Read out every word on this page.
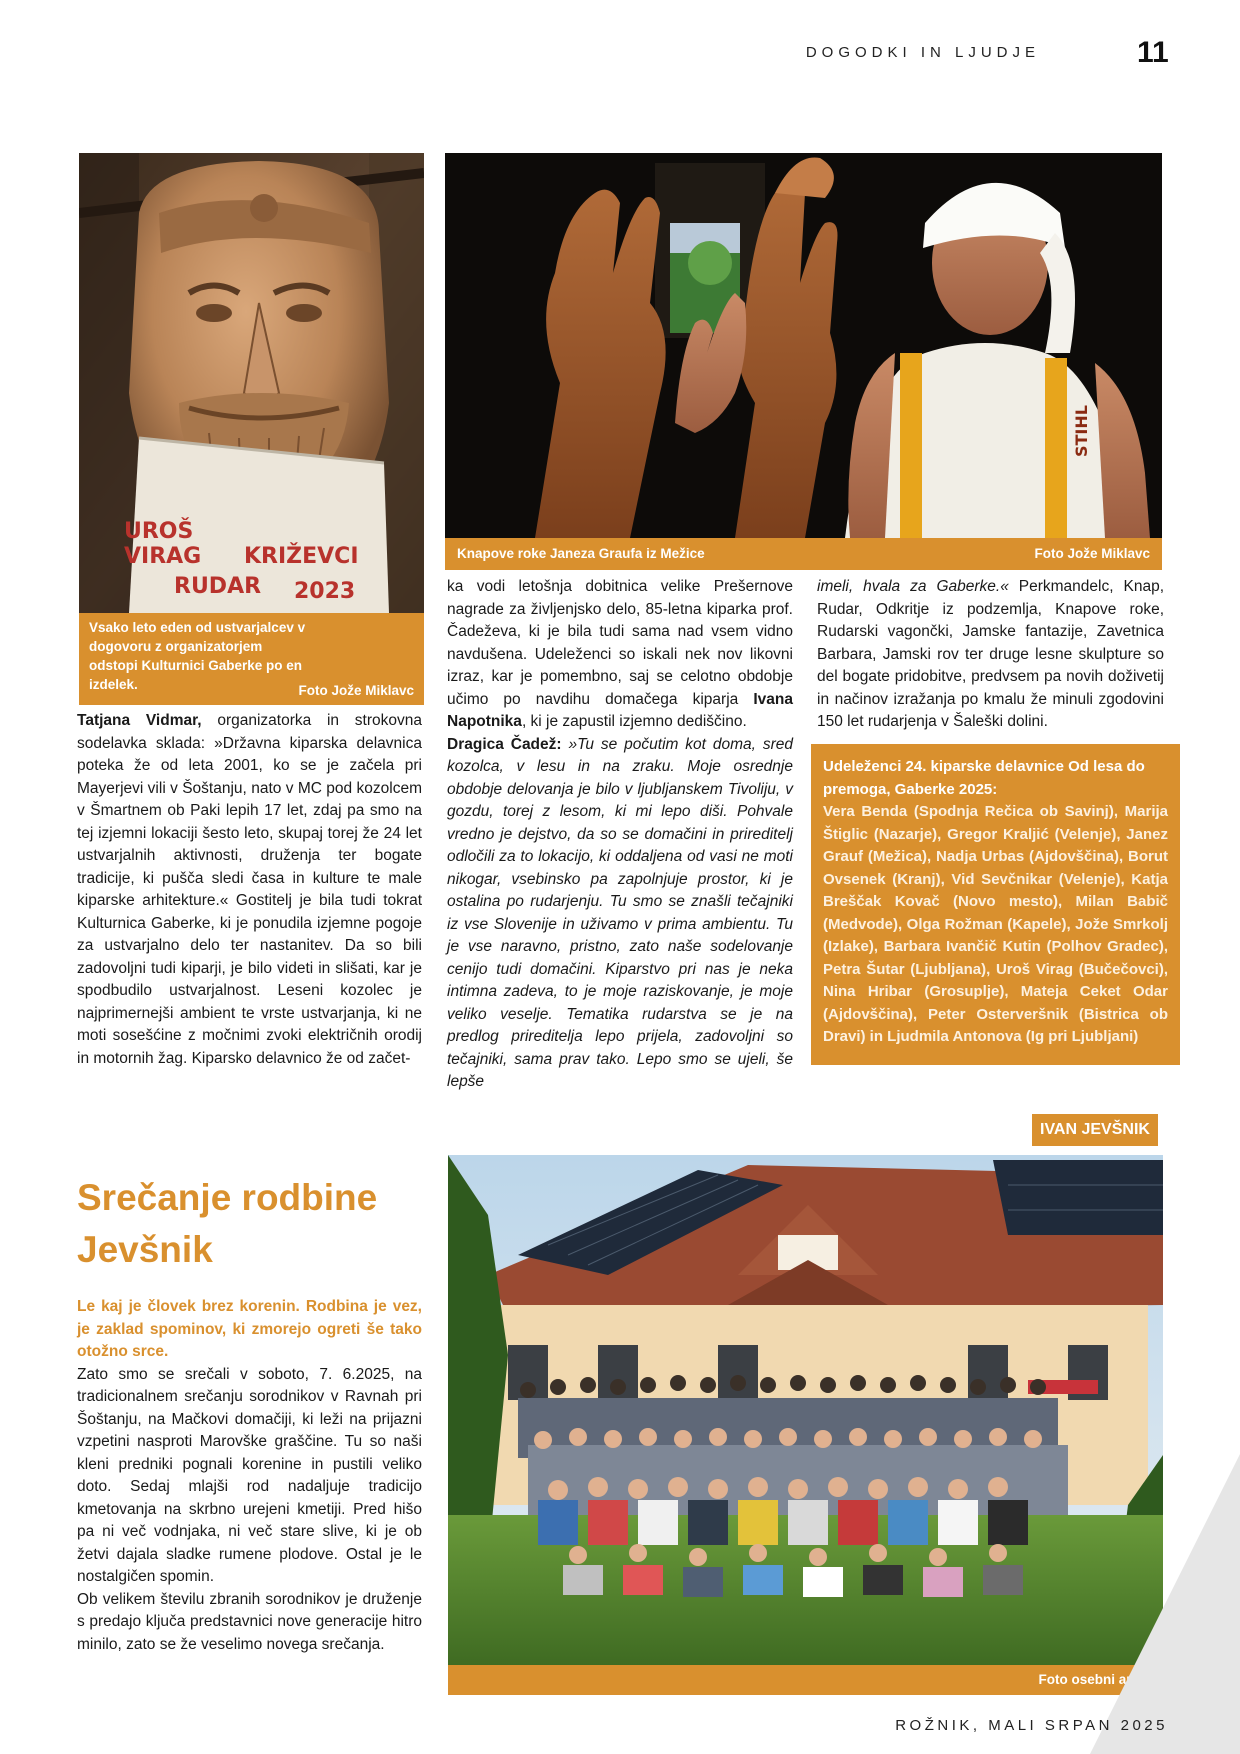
DOGODKI IN LJUDJE	11
UROŠ VIRAG KRIŽEVCI RUDAR 2023
Vsako leto eden od ustvarjalcev v dogovoru z organizatorjem odstopi Kulturnici Gaberke po en izdelek.	Foto Jože Miklavc
STIHL
Knapove roke Janeza Graufa iz Mežice	Foto Jože Miklavc

Tatjana Vidmar, organizatorka in strokovna sodelavka sklada: »Državna kiparska delavnica poteka že od leta 2001, ko se je začela pri Mayerjevi vili v Šoštanju, nato v MC pod kozolcem v Šmartnem ob Paki lepih 17 let, zdaj pa smo na tej izjemni lokaciji šesto leto, skupaj torej že 24 let ustvarjalnih aktivnosti, druženja ter bogate tradicije, ki pušča sledi časa in kulture te male kiparske arhitekture.« Gostitelj je bila tudi tokrat Kulturnica Gaberke, ki je ponudila izjemne pogoje za ustvarjalno delo ter nastanitev. Da so bili zadovoljni tudi kiparji, je bilo videti in slišati, kar je spodbudilo ustvarjalnost. Leseni kozolec je najprimernejši ambient te vrste ustvarjanja, ki ne moti sosešćine z močnimi zvoki električnih orodij in motornih žag. Kiparsko delavnico že od začet-

ka vodi letošnja dobitnica velike Prešernove nagrade za življenjsko delo, 85-letna kiparka prof. Čadeževa, ki je bila tudi sama nad vsem vidno navdušena. Udeleženci so iskali nek nov likovni izraz, kar je pomembno, saj se celotno obdobje učimo po navdihu domačega kiparja Ivana Napotnika, ki je zapustil izjemno dediščino.

Dragica Čadež: »Tu se počutim kot doma, sred kozolca, v lesu in na zraku. Moje osrednje obdobje delovanja je bilo v ljubljanskem Tivoliju, v gozdu, torej z lesom, ki mi lepo diši. Pohvale vredno je dejstvo, da so se domačini in prireditelj odločili za to lokacijo, ki oddaljena od vasi ne moti nikogar, vsebinsko pa zapolnjuje prostor, ki je ostalina po rudarjenju. Tu smo se znašli tečajniki iz vse Slovenije in uživamo v prima ambientu. Tu je vse naravno, pristno, zato naše sodelovanje cenijo tudi domačini. Kiparstvo pri nas je neka intimna zadeva, to je moje raziskovanje, je moje veliko veselje. Tematika rudarstva se je na predlog prireditelja lepo prijela, zadovoljni so tečajniki, sama prav tako. Lepo smo se ujeli, še lepše

imeli, hvala za Gaberke.« Perkmandelc, Knap, Rudar, Odkritje iz podzemlja, Knapove roke, Rudarski vagončki, Jamske fantazije, Zavetnica Barbara, Jamski rov ter druge lesne skulpture so del bogate pridobitve, predvsem pa novih doživetij in načinov izražanja po kmalu že minuli zgodovini 150 let rudarjenja v Šaleški dolini.

Udeleženci 24. kiparske delavnice Od lesa do premoga, Gaberke 2025:
Vera Benda (Spodnja Rečica ob Savinj), Marija Štiglic (Nazarje), Gregor Kraljić (Velenje), Janez Grauf (Mežica), Nadja Urbas (Ajdovščina), Borut Ovsenek (Kranj), Vid Sevčnikar (Velenje), Katja Breščak Kovač (Novo mesto), Milan Babič (Medvode), Olga Rožman (Kapele), Jože Smrkolj (Izlake), Barbara Ivančič Kutin (Polhov Gradec), Petra Šutar (Ljubljana), Uroš Virag (Bučečovci), Nina Hribar (Grosuplje), Mateja Ceket Odar (Ajdovščina), Peter Osterveršnik (Bistrica ob Dravi) in Ljudmila Antonova (Ig pri Ljubljani)
IVAN JEVŠNIK
Srečanje rodbine
Jevšnik

Le kaj je človek brez korenin. Rodbina je vez, je zaklad spominov, ki zmorejo ogreti še tako otožno srce.

Zato smo se srečali v soboto, 7. 6.2025, na tradicionalnem srečanju sorodnikov v Ravnah pri Šoštanju, na Mačkovi domačiji, ki leži na prijazni vzpetini nasproti Marovške graščine. Tu so naši kleni predniki pognali korenine in pustili veliko doto. Sedaj mlajši rod nadaljuje tradicijo kmetovanja na skrbno urejeni kmetiji. Pred hišo pa ni več vodnjaka, ni več stare slive, ki je ob žetvi dajala sladke rumene plodove. Ostal je le nostalgičen spomin.

Ob velikem številu zbranih sorodnikov je druženje s predajo ključa predstavnici nove generacije hitro minilo, zato se že veselimo novega srečanja.

Foto osebni arhiv
ROŽNIK, MALI SRPAN 2025
